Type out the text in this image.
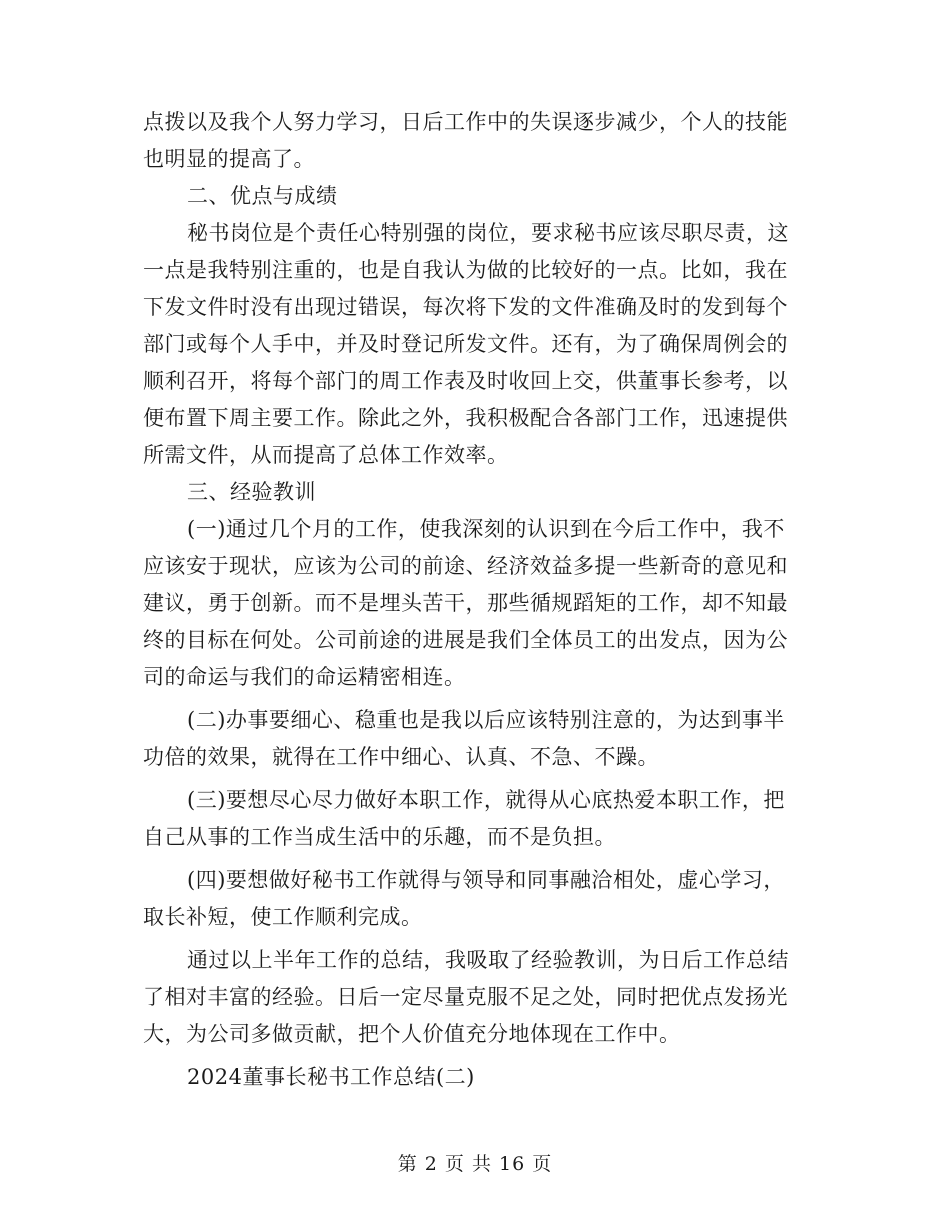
点拨以及我个人努力学习，日后工作中的失误逐步减少，个人的技能
也明显的提高了。
二、优点与成绩
秘书岗位是个责任心特别强的岗位，要求秘书应该尽职尽责，这
一点是我特别注重的，也是自我认为做的比较好的一点。比如，我在
下发文件时没有出现过错误，每次将下发的文件准确及时的发到每个
部门或每个人手中，并及时登记所发文件。还有，为了确保周例会的
顺利召开，将每个部门的周工作表及时收回上交，供董事长参考，以
便布置下周主要工作。除此之外，我积极配合各部门工作，迅速提供
所需文件，从而提高了总体工作效率。
三、经验教训
(一)通过几个月的工作，使我深刻的认识到在今后工作中，我不
应该安于现状，应该为公司的前途、经济效益多提一些新奇的意见和
建议，勇于创新。而不是埋头苦干，那些循规蹈矩的工作，却不知最
终的目标在何处。公司前途的进展是我们全体员工的出发点，因为公
司的命运与我们的命运精密相连。
(二)办事要细心、稳重也是我以后应该特别注意的，为达到事半
功倍的效果，就得在工作中细心、认真、不急、不躁。
(三)要想尽心尽力做好本职工作，就得从心底热爱本职工作，把
自己从事的工作当成生活中的乐趣，而不是负担。
(四)要想做好秘书工作就得与领导和同事融洽相处，虚心学习，
取长补短，使工作顺利完成。
通过以上半年工作的总结，我吸取了经验教训，为日后工作总结
了相对丰富的经验。日后一定尽量克服不足之处，同时把优点发扬光
大，为公司多做贡献，把个人价值充分地体现在工作中。
2024董事长秘书工作总结(二)
第 2 页 共 16 页
